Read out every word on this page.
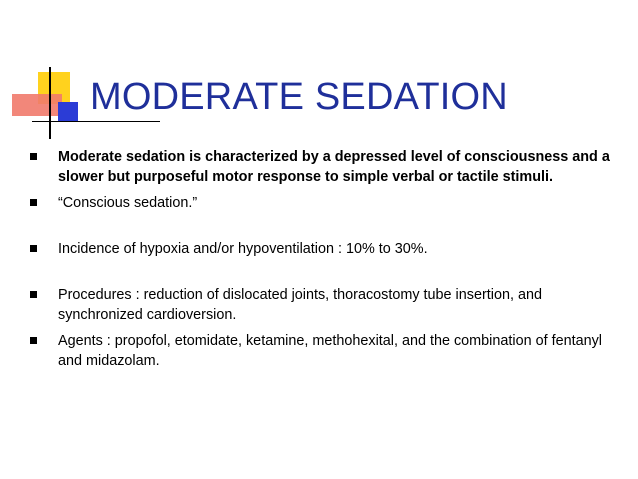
MODERATE SEDATION
Moderate sedation is characterized by a depressed level of consciousness and a slower but purposeful motor response to simple verbal or tactile stimuli.
“Conscious sedation.”
Incidence of hypoxia and/or hypoventilation : 10% to 30%.
Procedures : reduction of dislocated joints, thoracostomy tube insertion, and synchronized cardioversion.
Agents : propofol, etomidate, ketamine, methohexital, and the combination of fentanyl and midazolam.
